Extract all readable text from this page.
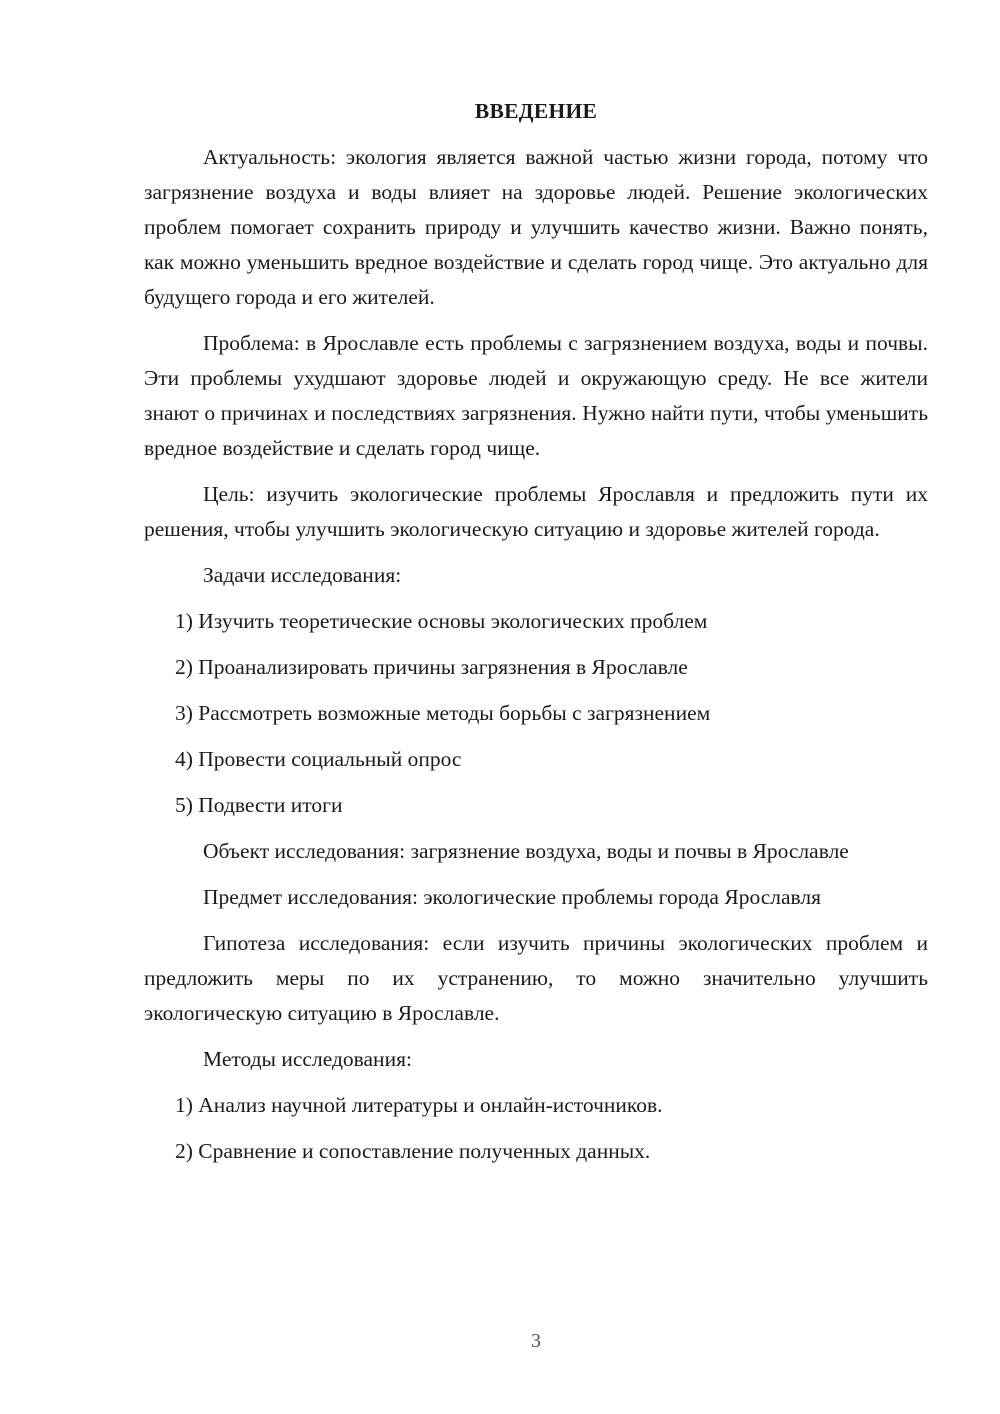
ВВЕДЕНИЕ

Актуальность: экология является важной частью жизни города, потому что загрязнение воздуха и воды влияет на здоровье людей. Решение экологических проблем помогает сохранить природу и улучшить качество жизни. Важно понять, как можно уменьшить вредное воздействие и сделать город чище. Это актуально для будущего города и его жителей.

Проблема: в Ярославле есть проблемы с загрязнением воздуха, воды и почвы. Эти проблемы ухудшают здоровье людей и окружающую среду. Не все жители знают о причинах и последствиях загрязнения. Нужно найти пути, чтобы уменьшить вредное воздействие и сделать город чище.

Цель: изучить экологические проблемы Ярославля и предложить пути их решения, чтобы улучшить экологическую ситуацию и здоровье жителей города.

Задачи исследования:

1) Изучить теоретические основы экологических проблем

2) Проанализировать причины загрязнения в Ярославле

3) Рассмотреть возможные методы борьбы с загрязнением

4) Провести социальный опрос

5) Подвести итоги

Объект исследования: загрязнение воздуха, воды и почвы в Ярославле

Предмет исследования: экологические проблемы города Ярославля

Гипотеза исследования: если изучить причины экологических проблем и предложить меры по их устранению, то можно значительно улучшить экологическую ситуацию в Ярославле.

Методы исследования:

1) Анализ научной литературы и онлайн-источников.

2) Сравнение и сопоставление полученных данных.

3
